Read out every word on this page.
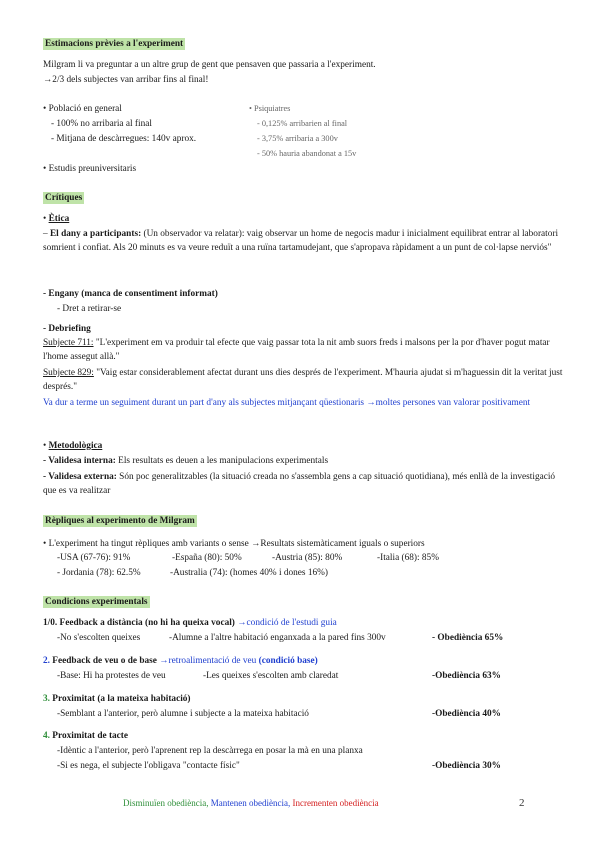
Estimacions prèvies a l'experiment
Milgram li va preguntar a un altre grup de gent que pensaven que passaria a l'experiment.
→2/3 dels subjectes van arribar fins al final!
• Població en general
- 100% no arribaria al final
- Mitjana de descàrregues: 140v aprox.
• Psiquiatres
- 0,125% arribarien al final
- 3,75% arribaria a 300v
- 50% hauria abandonat a 15v
• Estudis preuniversitaris
Crítiques
• Ètica
– El dany a participants: (Un observador va relatar): vaig observar un home de negocis madur i inicialment equilibrat entrar al laboratori somrient i confiat. Als 20 minuts es va veure reduït a una ruïna tartamudejant, que s'apropava ràpidament a un punt de col·lapse nerviós"
- Engany (manca de consentiment informat)
- Dret a retirar-se
- Debriefing
Subjecte 711: "L'experiment em va produir tal efecte que vaig passar tota la nit amb suors freds i malsons per la por d'haver pogut matar l'home assegut allà."
Subjecte 829: "Vaig estar considerablement afectat durant uns dies després de l'experiment. M'hauria ajudat si m'haguessin dit la veritat just després."
Va dur a terme un seguiment durant un part d'any als subjectes mitjançant qüestionaris →moltes persones van valorar positivament
• Metodològica
- Validesa interna: Els resultats es deuen a les manipulacions experimentals
- Validesa externa: Són poc generalitzables (la situació creada no s'assembla gens a cap situació quotidiana), més enllà de la investigació que es va realitzar
Rèpliques al experimento de Milgram
• L'experiment ha tingut rèpliques amb variants o sense →Resultats sistemàticament iguals o superiors
-USA (67-76): 91%	-España (80): 50%	-Austria (85): 80%	-Italia (68): 85%
- Jordania (78): 62.5%	-Australia (74): (homes 40% i dones 16%)
Condicions experimentals
1/0. Feedback a distància (no hi ha queixa vocal) →condició de l'estudi guia
-No s'escolten queixes	-Alumne a l'altre habitació enganxada a la pared fins 300v	- Obediència 65%
2. Feedback de veu o de base →retroalimentació de veu (condició base)
-Base: Hi ha protestes de veu	-Les queixes s'escolten amb claredat	-Obediència 63%
3. Proximitat (a la mateixa habitació)
-Semblant a l'anterior, però alumne i subjecte a la mateixa habitació	-Obediència 40%
4. Proximitat de tacte
-Idèntic a l'anterior, però l'aprenent rep la descàrrega en posar la mà en una planxa
-Si es nega, el subjecte l'obligava "contacte físic"	-Obediència 30%
Disminuïen obediència, Mantenen obediència, Incrementen obediència	2
